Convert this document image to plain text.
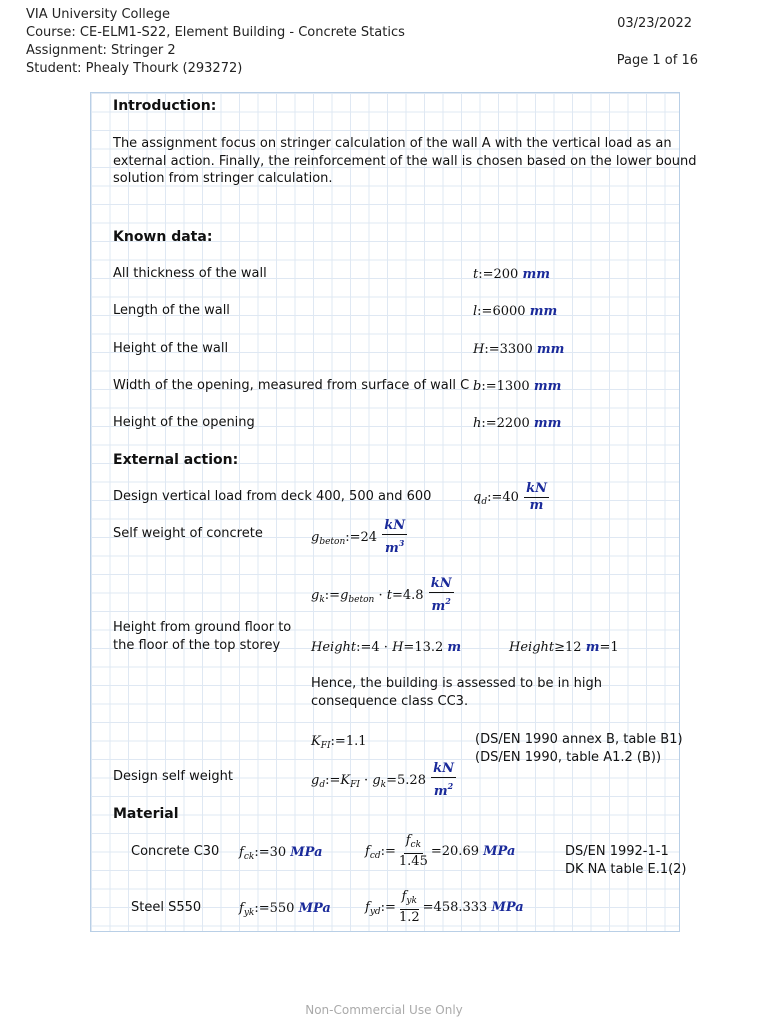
VIA University College
Course: CE-ELM1-S22, Element Building - Concrete Statics
Assignment: Stringer 2
Student: Phealy Thourk (293272)
03/23/2022
Page 1 of 16
Introduction:
The assignment focus on stringer calculation of the wall A with the vertical load as an
external action. Finally, the reinforcement of the wall is chosen based on the lower bound
solution from stringer calculation.
Known data:
All thickness of the wall	t:=200 mm
Length of the wall	l:=6000 mm
Height of the wall	H:=3300 mm
Width of the opening, measured from surface of wall C b:=1300 mm
Height of the opening	h:=2200 mm
External action:
Design vertical load from deck 400, 500 and 600	$q_d:=40 \frac{kN}{m}$
Self weight of concrete	$g_{beton}:=24 \frac{kN}{m^3}$
$g_k:=g_{beton} \cdot t=4.8 \frac{kN}{m^2}$
Height from ground floor to
the floor of the top storey Height:=4 · H=13.2 m	Height≥12 m=1
Hence, the building is assessed to be in high
consequence class CC3.
$K_{FI}:=1.1$	(DS/EN 1990 annex B, table B1)
(DS/EN 1990, table A1.2 (B))
Design self weight	$g_d:=K_{FI} \cdot g_k=5.28 \frac{kN}{m^2}$
Material
Concrete C30 $f_{ck}:=30$ MPa	$f_{cd}:= \frac{f_{ck}}{1.45} =20.69$ MPa	DS/EN 1992-1-1
DK NA table E.1(2)
Steel S550	$f_{yk}:=550$ MPa	$f_{yd}:= \frac{f_{yk}}{1.2} =458.333$ MPa
Non-Commercial Use Only
